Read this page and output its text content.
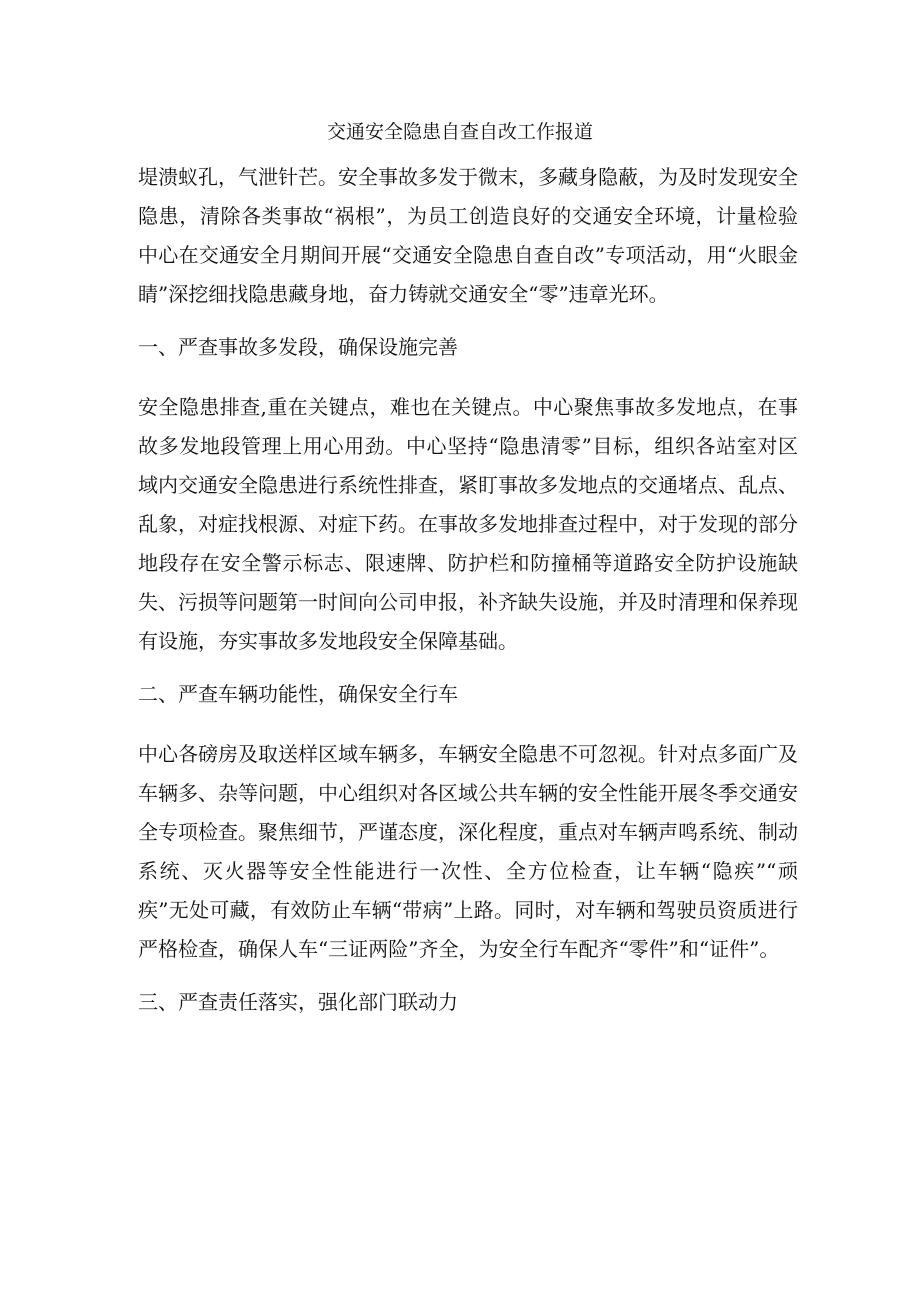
交通安全隐患自查自改工作报道

堤溃蚁孔，气泄针芒。安全事故多发于微末，多藏身隐蔽，为及时发现安全隐患，清除各类事故“祸根”，为员工创造良好的交通安全环境，计量检验中心在交通安全月期间开展“交通安全隐患自查自改”专项活动，用“火眼金睛”深挖细找隐患藏身地，奋力铸就交通安全“零”违章光环。

一、严查事故多发段，确保设施完善

安全隐患排查,重在关键点，难也在关键点。中心聚焦事故多发地点，在事故多发地段管理上用心用劲。中心坚持“隐患清零”目标，组织各站室对区域内交通安全隐患进行系统性排查，紧盯事故多发地点的交通堵点、乱点、乱象，对症找根源、对症下药。在事故多发地排查过程中，对于发现的部分地段存在安全警示标志、限速牌、防护栏和防撞桶等道路安全防护设施缺失、污损等问题第一时间向公司申报，补齐缺失设施，并及时清理和保养现有设施，夯实事故多发地段安全保障基础。

二、严查车辆功能性，确保安全行车

中心各磅房及取送样区域车辆多，车辆安全隐患不可忽视。针对点多面广及车辆多、杂等问题，中心组织对各区域公共车辆的安全性能开展冬季交通安全专项检查。聚焦细节，严谨态度，深化程度，重点对车辆声鸣系统、制动系统、灭火器等安全性能进行一次性、全方位检查，让车辆“隐疾”“顽疾”无处可藏，有效防止车辆“带病”上路。同时，对车辆和驾驶员资质进行严格检查，确保人车“三证两险”齐全，为安全行车配齐“零件”和“证件”。

三、严查责任落实，强化部门联动力
